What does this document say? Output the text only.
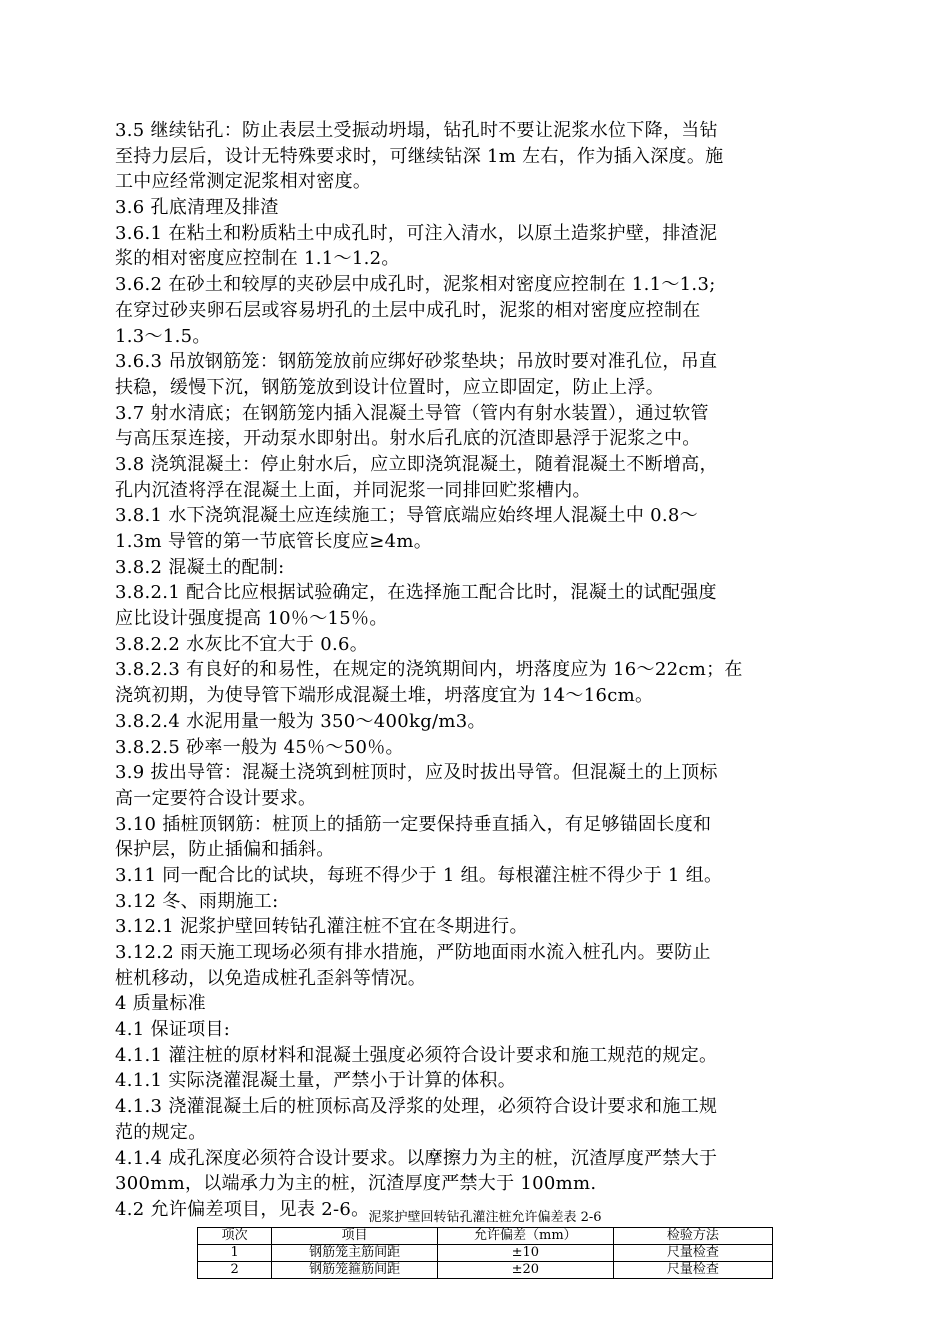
3.5 继续钻孔：防止表层土受振动坍塌，钻孔时不要让泥浆水位下降，当钻
至持力层后，设计无特殊要求时，可继续钻深 1m 左右，作为插入深度。施
工中应经常测定泥浆相对密度。
3.6 孔底清理及排渣
3.6.1 在粘土和粉质粘土中成孔时，可注入清水，以原土造浆护壁，排渣泥
浆的相对密度应控制在 1.1～1.2。
3.6.2 在砂土和较厚的夹砂层中成孔时，泥浆相对密度应控制在 1.1～1.3;
在穿过砂夹卵石层或容易坍孔的土层中成孔时，泥浆的相对密度应控制在
1.3～1.5。
3.6.3 吊放钢筋笼：钢筋笼放前应绑好砂浆垫块；吊放时要对准孔位，吊直
扶稳，缓慢下沉，钢筋笼放到设计位置时，应立即固定，防止上浮。
3.7 射水清底；在钢筋笼内插入混凝土导管（管内有射水装置），通过软管
与高压泵连接，开动泵水即射出。射水后孔底的沉渣即悬浮于泥浆之中。
3.8 浇筑混凝土：停止射水后，应立即浇筑混凝土，随着混凝土不断增高，
孔内沉渣将浮在混凝土上面，并同泥浆一同排回贮浆槽内。
3.8.1 水下浇筑混凝土应连续施工；导管底端应始终埋人混凝土中 0.8～
1.3m 导管的第一节底管长度应≥4m。
3.8.2 混凝土的配制:
3.8.2.1 配合比应根据试验确定，在选择施工配合比时，混凝土的试配强度
应比设计强度提高 10％～15％。
3.8.2.2 水灰比不宜大于 0.6。
3.8.2.3 有良好的和易性，在规定的浇筑期间内，坍落度应为 16～22cm；在
浇筑初期，为使导管下端形成混凝土堆，坍落度宜为 14～16cm。
3.8.2.4 水泥用量一般为 350～400kg/m3。
3.8.2.5 砂率一般为 45％～50％。
3.9 拔出导管：混凝土浇筑到桩顶时，应及时拔出导管。但混凝土的上顶标
高一定要符合设计要求。
3.10 插桩顶钢筋：桩顶上的插筋一定要保持垂直插入，有足够锚固长度和
保护层，防止插偏和插斜。
3.11 同一配合比的试块，每班不得少于 1 组。每根灌注桩不得少于 1 组。
3.12 冬、雨期施工:
3.12.1 泥浆护壁回转钻孔灌注桩不宜在冬期进行。
3.12.2 雨天施工现场必须有排水措施，严防地面雨水流入桩孔内。要防止
桩机移动，以免造成桩孔歪斜等情况。
4 质量标准
4.1 保证项目:
4.1.1 灌注桩的原材料和混凝土强度必须符合设计要求和施工规范的规定。
4.1.1 实际浇灌混凝土量，严禁小于计算的体积。
4.1.3 浇灌混凝土后的桩顶标高及浮浆的处理，必须符合设计要求和施工规
范的规定。
4.1.4 成孔深度必须符合设计要求。以摩擦力为主的桩，沉渣厚度严禁大于
300mm，以端承力为主的桩，沉渣厚度严禁大于 100mm.
4.2 允许偏差项目，见表 2-6。
泥浆护壁回转钻孔灌注桩允许偏差表 2-6
项次	项目	允许偏差（mm）	检验方法
1	钢筋笼主筋间距	±10	尺量检查
2	钢筋笼箍筋间距	±20	尺量检查
